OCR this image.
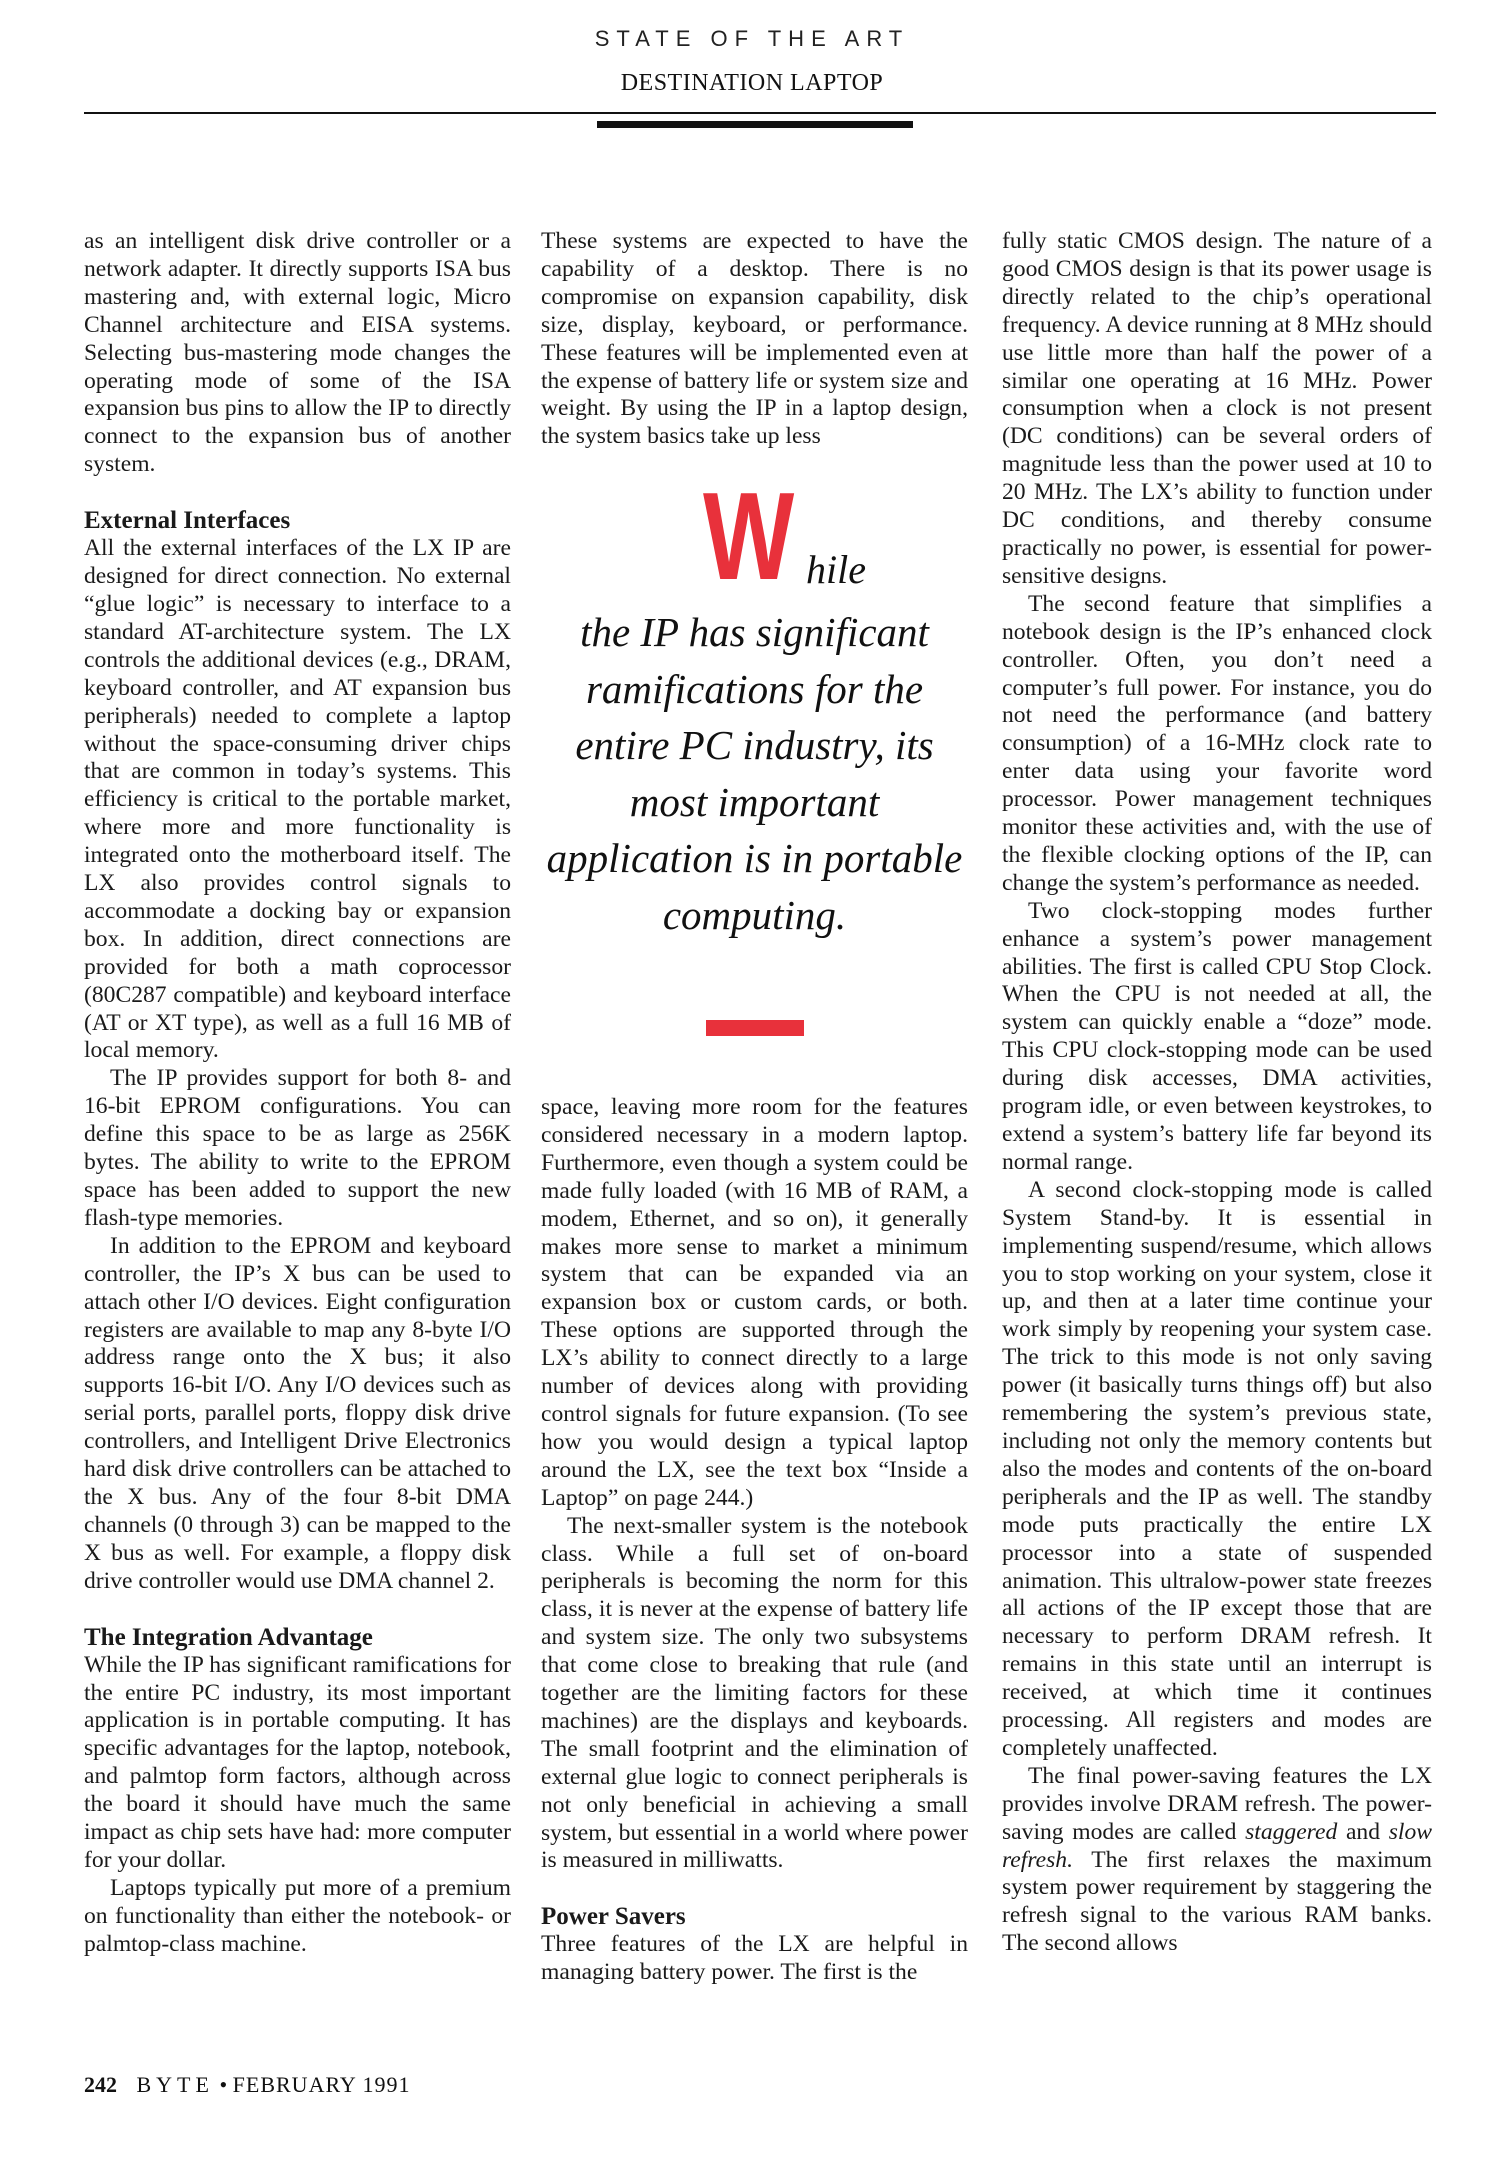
STATE OF THE ART
DESTINATION LAPTOP

as an intelligent disk drive controller or a network adapter. It directly supports ISA bus mastering and, with external logic, Micro Channel architecture and EISA systems. Selecting bus-mastering mode changes the operating mode of some of the ISA expansion bus pins to allow the IP to directly connect to the expansion bus of another system.

External Interfaces

All the external interfaces of the LX IP are designed for direct connection. No external “glue logic” is necessary to interface to a standard AT-architecture system. The LX controls the additional devices (e.g., DRAM, keyboard controller, and AT expansion bus peripherals) needed to complete a laptop without the space-consuming driver chips that are common in today’s systems. This efficiency is critical to the portable market, where more and more functionality is integrated onto the motherboard itself. The LX also provides control signals to accommodate a docking bay or expansion box. In addition, direct connections are provided for both a math coprocessor (80C287 compatible) and keyboard interface (AT or XT type), as well as a full 16 MB of local memory.

The IP provides support for both 8- and 16-bit EPROM configurations. You can define this space to be as large as 256K bytes. The ability to write to the EPROM space has been added to support the new flash-type memories.

In addition to the EPROM and keyboard controller, the IP’s X bus can be used to attach other I/O devices. Eight configuration registers are available to map any 8-byte I/O address range onto the X bus; it also supports 16-bit I/O. Any I/O devices such as serial ports, parallel ports, floppy disk drive controllers, and Intelligent Drive Electronics hard disk drive controllers can be attached to the X bus. Any of the four 8-bit DMA channels (0 through 3) can be mapped to the X bus as well. For example, a floppy disk drive controller would use DMA channel 2.

The Integration Advantage

While the IP has significant ramifications for the entire PC industry, its most important application is in portable computing. It has specific advantages for the laptop, notebook, and palmtop form factors, although across the board it should have much the same impact as chip sets have had: more computer for your dollar.

Laptops typically put more of a premium on functionality than either the notebook- or palmtop-class machine.

These systems are expected to have the capability of a desktop. There is no compromise on expansion capability, disk size, display, keyboard, or performance. These features will be implemented even at the expense of battery life or system size and weight. By using the IP in a laptop design, the system basics take up less

W hile
the IP has significant ramifications for the entire PC industry, its most important application is in portable computing.

space, leaving more room for the features considered necessary in a modern laptop. Furthermore, even though a system could be made fully loaded (with 16 MB of RAM, a modem, Ethernet, and so on), it generally makes more sense to market a minimum system that can be expanded via an expansion box or custom cards, or both. These options are supported through the LX’s ability to connect directly to a large number of devices along with providing control signals for future expansion. (To see how you would design a typical laptop around the LX, see the text box “Inside a Laptop” on page 244.)

The next-smaller system is the notebook class. While a full set of on-board peripherals is becoming the norm for this class, it is never at the expense of battery life and system size. The only two subsystems that come close to breaking that rule (and together are the limiting factors for these machines) are the displays and keyboards. The small footprint and the elimination of external glue logic to connect peripherals is not only beneficial in achieving a small system, but essential in a world where power is measured in milliwatts.

Power Savers

Three features of the LX are helpful in managing battery power. The first is the

fully static CMOS design. The nature of a good CMOS design is that its power usage is directly related to the chip’s operational frequency. A device running at 8 MHz should use little more than half the power of a similar one operating at 16 MHz. Power consumption when a clock is not present (DC conditions) can be several orders of magnitude less than the power used at 10 to 20 MHz. The LX’s ability to function under DC conditions, and thereby consume practically no power, is essential for power-sensitive designs.

The second feature that simplifies a notebook design is the IP’s enhanced clock controller. Often, you don’t need a computer’s full power. For instance, you do not need the performance (and battery consumption) of a 16-MHz clock rate to enter data using your favorite word processor. Power management techniques monitor these activities and, with the use of the flexible clocking options of the IP, can change the system’s performance as needed.

Two clock-stopping modes further enhance a system’s power management abilities. The first is called CPU Stop Clock. When the CPU is not needed at all, the system can quickly enable a “doze” mode. This CPU clock-stopping mode can be used during disk accesses, DMA activities, program idle, or even between keystrokes, to extend a system’s battery life far beyond its normal range.

A second clock-stopping mode is called System Stand-by. It is essential in implementing suspend/resume, which allows you to stop working on your system, close it up, and then at a later time continue your work simply by reopening your system case. The trick to this mode is not only saving power (it basically turns things off) but also remembering the system’s previous state, including not only the memory contents but also the modes and contents of the on-board peripherals and the IP as well. The standby mode puts practically the entire LX processor into a state of suspended animation. This ultralow-power state freezes all actions of the IP except those that are necessary to perform DRAM refresh. It remains in this state until an interrupt is received, at which time it continues processing. All registers and modes are completely unaffected.

The final power-saving features the LX provides involve DRAM refresh. The power-saving modes are called staggered and slow refresh. The first relaxes the maximum system power requirement by staggering the refresh signal to the various RAM banks. The second allows

242 BYTE • FEBRUARY 1991
